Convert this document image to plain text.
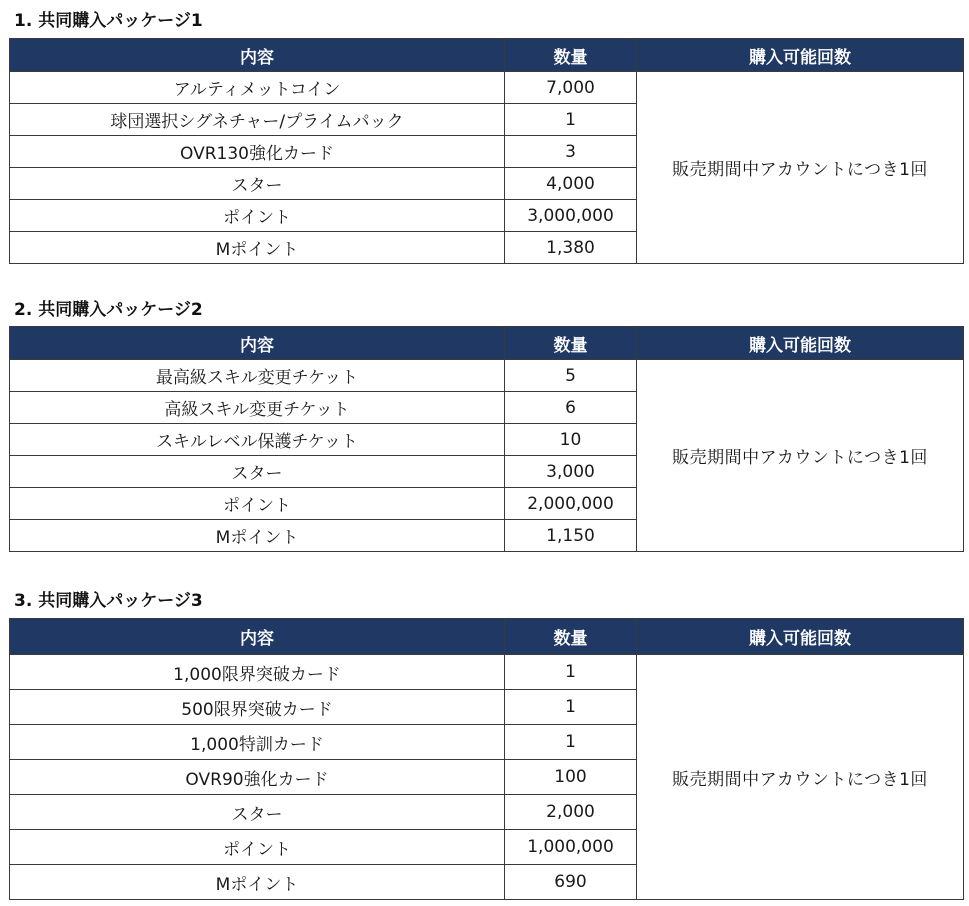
1. 共同購入パッケージ1
内容	数量	購入可能回数
アルティメットコイン	7,000	販売期間中アカウントにつき1回
球団選択シグネチャー/プライムパック	1	
OVR130強化カード	3	
スター	4,000	
ポイント	3,000,000	
Mポイント	1,380	
2. 共同購入パッケージ2
内容	数量	購入可能回数
最高級スキル変更チケット	5	販売期間中アカウントにつき1回
高級スキル変更チケット	6	
スキルレベル保護チケット	10	
スター	3,000	
ポイント	2,000,000	
Mポイント	1,150	
3. 共同購入パッケージ3
内容	数量	購入可能回数
1,000限界突破カード	1	販売期間中アカウントにつき1回
500限界突破カード	1	
1,000特訓カード	1	
OVR90強化カード	100	
スター	2,000	
ポイント	1,000,000	
Mポイント	690	
